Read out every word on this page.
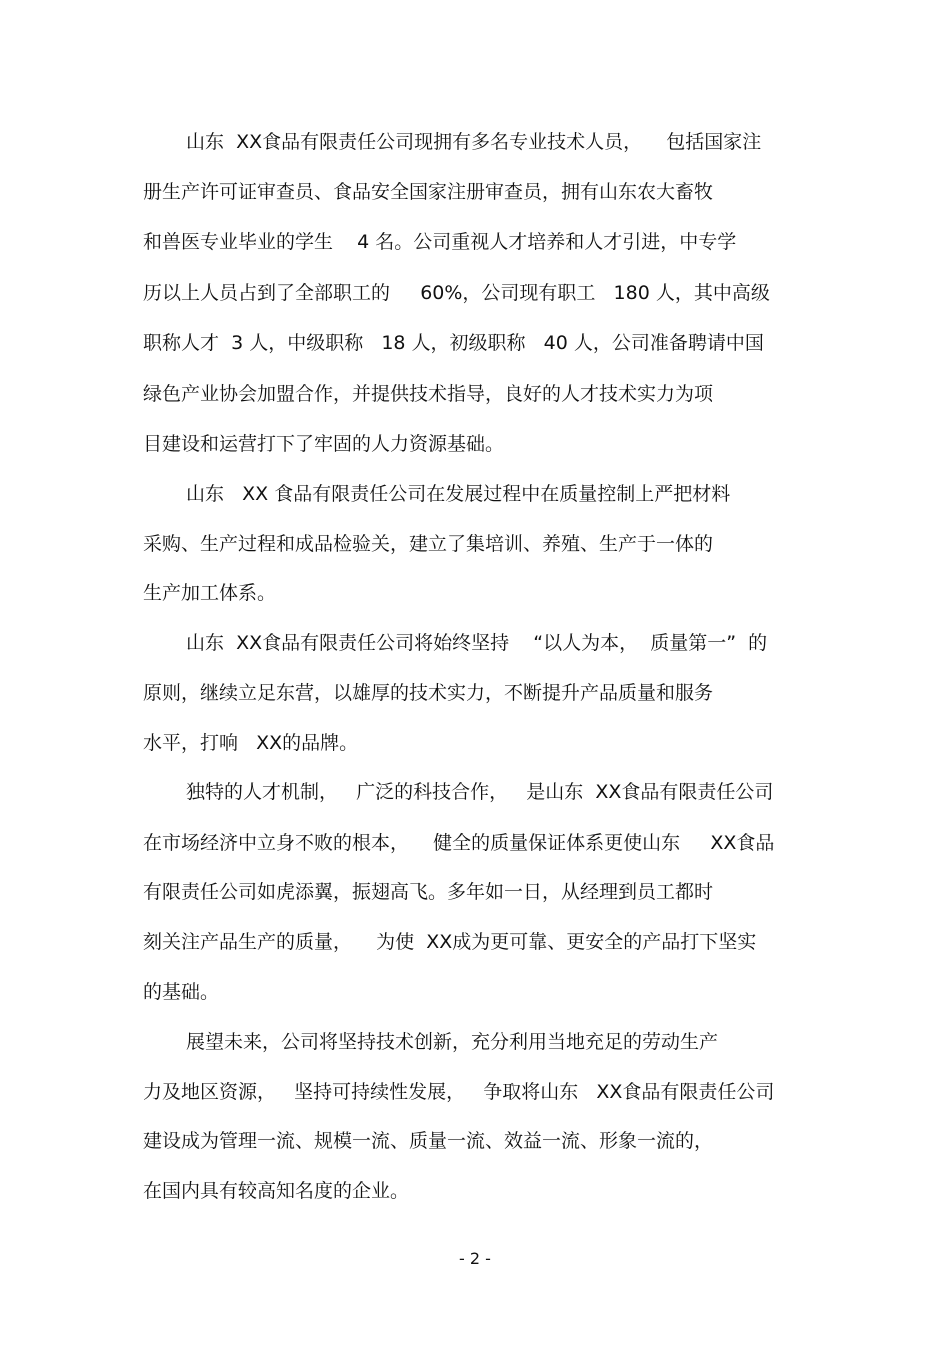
山东  XX食品有限责任公司现拥有多名专业技术人员，    包括国家注
册生产许可证审查员、食品安全国家注册审查员，拥有山东农大畜牧
和兽医专业毕业的学生    4 名。公司重视人才培养和人才引进，中专学
历以上人员占到了全部职工的     60%，公司现有职工   180 人，其中高级
职称人才  3 人，中级职称   18 人，初级职称   40 人，公司准备聘请中国
绿色产业协会加盟合作，并提供技术指导，良好的人才技术实力为项
目建设和运营打下了牢固的人力资源基础。
山东   XX 食品有限责任公司在发展过程中在质量控制上严把材料
采购、生产过程和成品检验关，建立了集培训、养殖、生产于一体的
生产加工体系。
山东  XX食品有限责任公司将始终坚持    “以人为本，  质量第一”  的
原则，继续立足东营，以雄厚的技术实力，不断提升产品质量和服务
水平，打响   XX的品牌。
独特的人才机制，   广泛的科技合作，   是山东  XX食品有限责任公司
在市场经济中立身不败的根本，    健全的质量保证体系更使山东     XX食品
有限责任公司如虎添翼，振翅高飞。多年如一日，从经理到员工都时
刻关注产品生产的质量，    为使  XX成为更可靠、更安全的产品打下坚实
的基础。
展望未来，公司将坚持技术创新，充分利用当地充足的劳动生产
力及地区资源，   坚持可持续性发展，   争取将山东   XX食品有限责任公司
建设成为管理一流、规模一流、质量一流、效益一流、形象一流的，
在国内具有较高知名度的企业。
- 2 -
